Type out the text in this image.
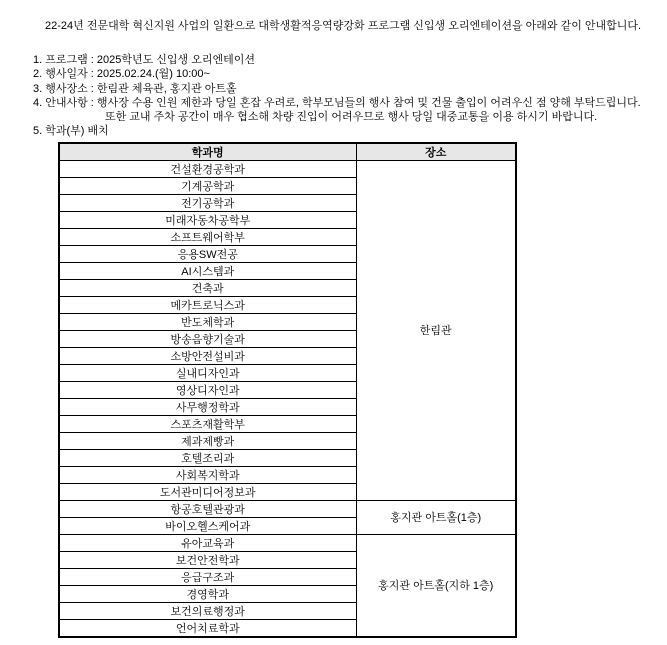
22-24년 전문대학 혁신지원 사업의 일환으로 대학생활적응역량강화 프로그램 신입생 오리엔테이션을 아래와 같이 안내합니다.

1. 프로그램 : 2025학년도 신입생 오리엔테이션
2. 행사일자 : 2025.02.24.(월) 10:00~
3. 행사장소 : 한림관 체육관, 홍지관 아트홀
4. 안내사항 : 행사장 수용 인원 제한과 당일 혼잡 우려로, 학부모님들의 행사 참여 및 건물 출입이 어려우신 점 양해 부탁드립니다.
또한 교내 주차 공간이 매우 협소해 차량 진입이 어려우므로 행사 당일 대중교통을 이용 하시기 바랍니다.
5. 학과(부) 배치
학과명	장소
건설환경공학과	한림관
기계공학과	
전기공학과	
미래자동차공학부	
소프트웨어학부	
응용SW전공	
AI시스템과	
건축과	
메카트로닉스과	
반도체학과	
방송음향기술과	
소방안전설비과	
실내디자인과	
영상디자인과	
사무행정학과	
스포츠재활학부	
제과제빵과	
호텔조리과	
사회복지학과	
도서관미디어정보과	
항공호텔관광과	홍지관 아트홀(1층)
바이오헬스케어과	
유아교육과	홍지관 아트홀(지하 1층)
보건안전학과	
응급구조과	
경영학과	
보건의료행정과	
언어치료학과	
